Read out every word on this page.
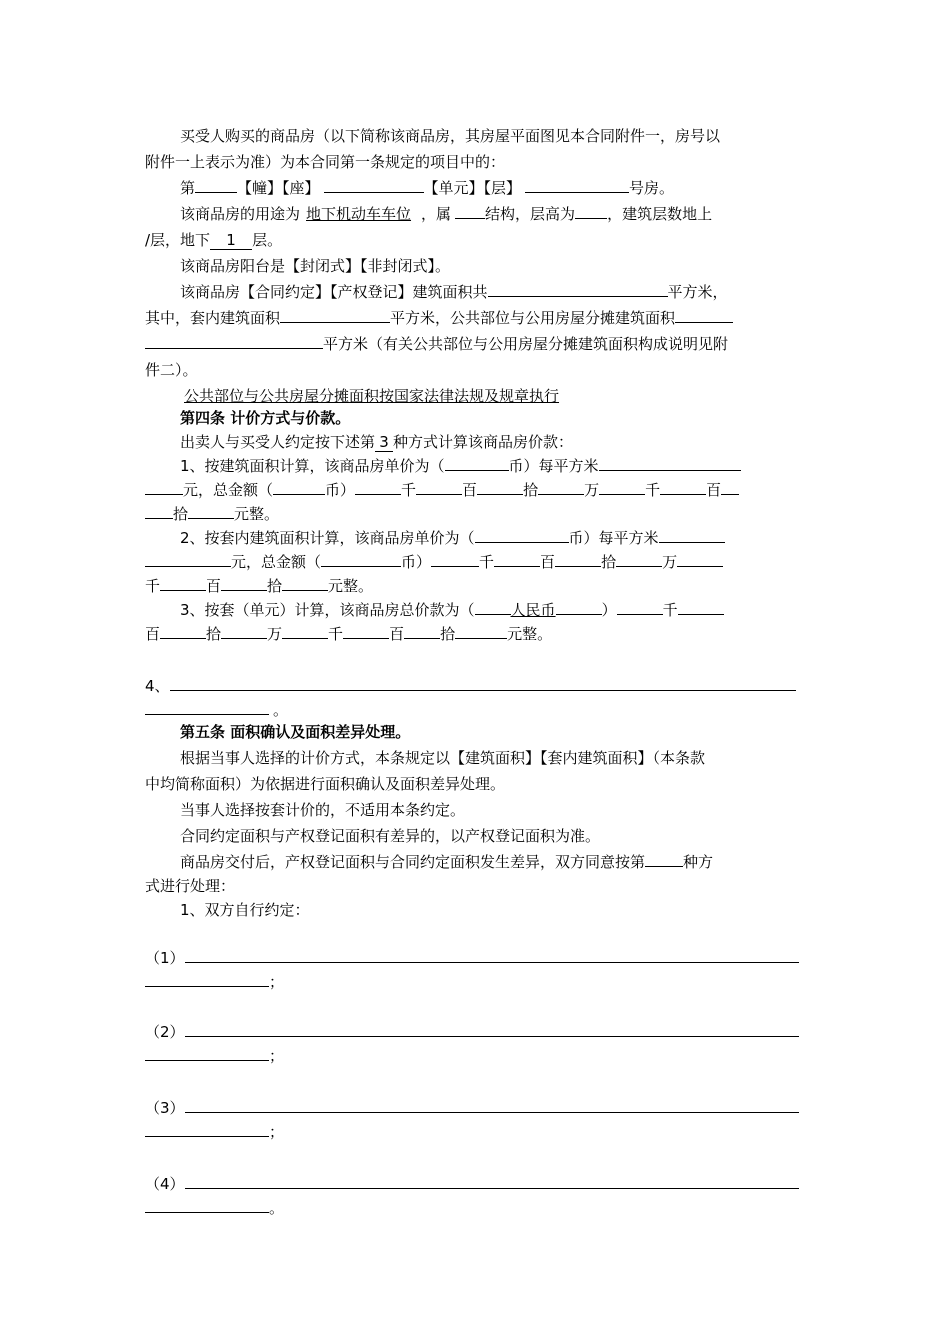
买受人购买的商品房（以下简称该商品房，其房屋平面图见本合同附件一，房号以
附件一上表示为准）为本合同第一条规定的项目中的：
第	【幢】【座】	【单元】【层】	号房。
该商品房的用途为 地下机动车车位 ，属 结构，层高为 ，建筑层数地上
/层，地下 1 层。
该商品房阳台是【封闭式】【非封闭式】。
该商品房【合同约定】【产权登记】建筑面积共	平方米，
其中，套内建筑面积	平方米，公共部位与公用房屋分摊建筑面积
平方米（有关公共部位与公用房屋分摊建筑面积构成说明见附
件二）。
公共部位与公共房屋分摊面积按国家法律法规及规章执行
第四条 计价方式与价款。
出卖人与买受人约定按下述第 3 种方式计算该商品房价款：
1、按建筑面积计算，该商品房单价为（	币）每平方米
元，总金额（	币）	千	百	拾	万	千	百
拾	元整。
2、按套内建筑面积计算，该商品房单价为（	币）每平方米
元，总金额（	币）	千	百	拾	万
千	百	拾	元整。
3、按套（单元）计算，该商品房总价款为（ 人民币	）	千
百	拾	万	千	百 拾	元整。
4、
。
第五条 面积确认及面积差异处理。
根据当事人选择的计价方式，本条规定以【建筑面积】【套内建筑面积】（本条款
中均简称面积）为依据进行面积确认及面积差异处理。
当事人选择按套计价的，不适用本条约定。
合同约定面积与产权登记面积有差异的，以产权登记面积为准。
商品房交付后，产权登记面积与合同约定面积发生差异，双方同意按第	种方
式进行处理：
1、双方自行约定：
（1）
；
（2）
；
（3）
；
（4）
。
